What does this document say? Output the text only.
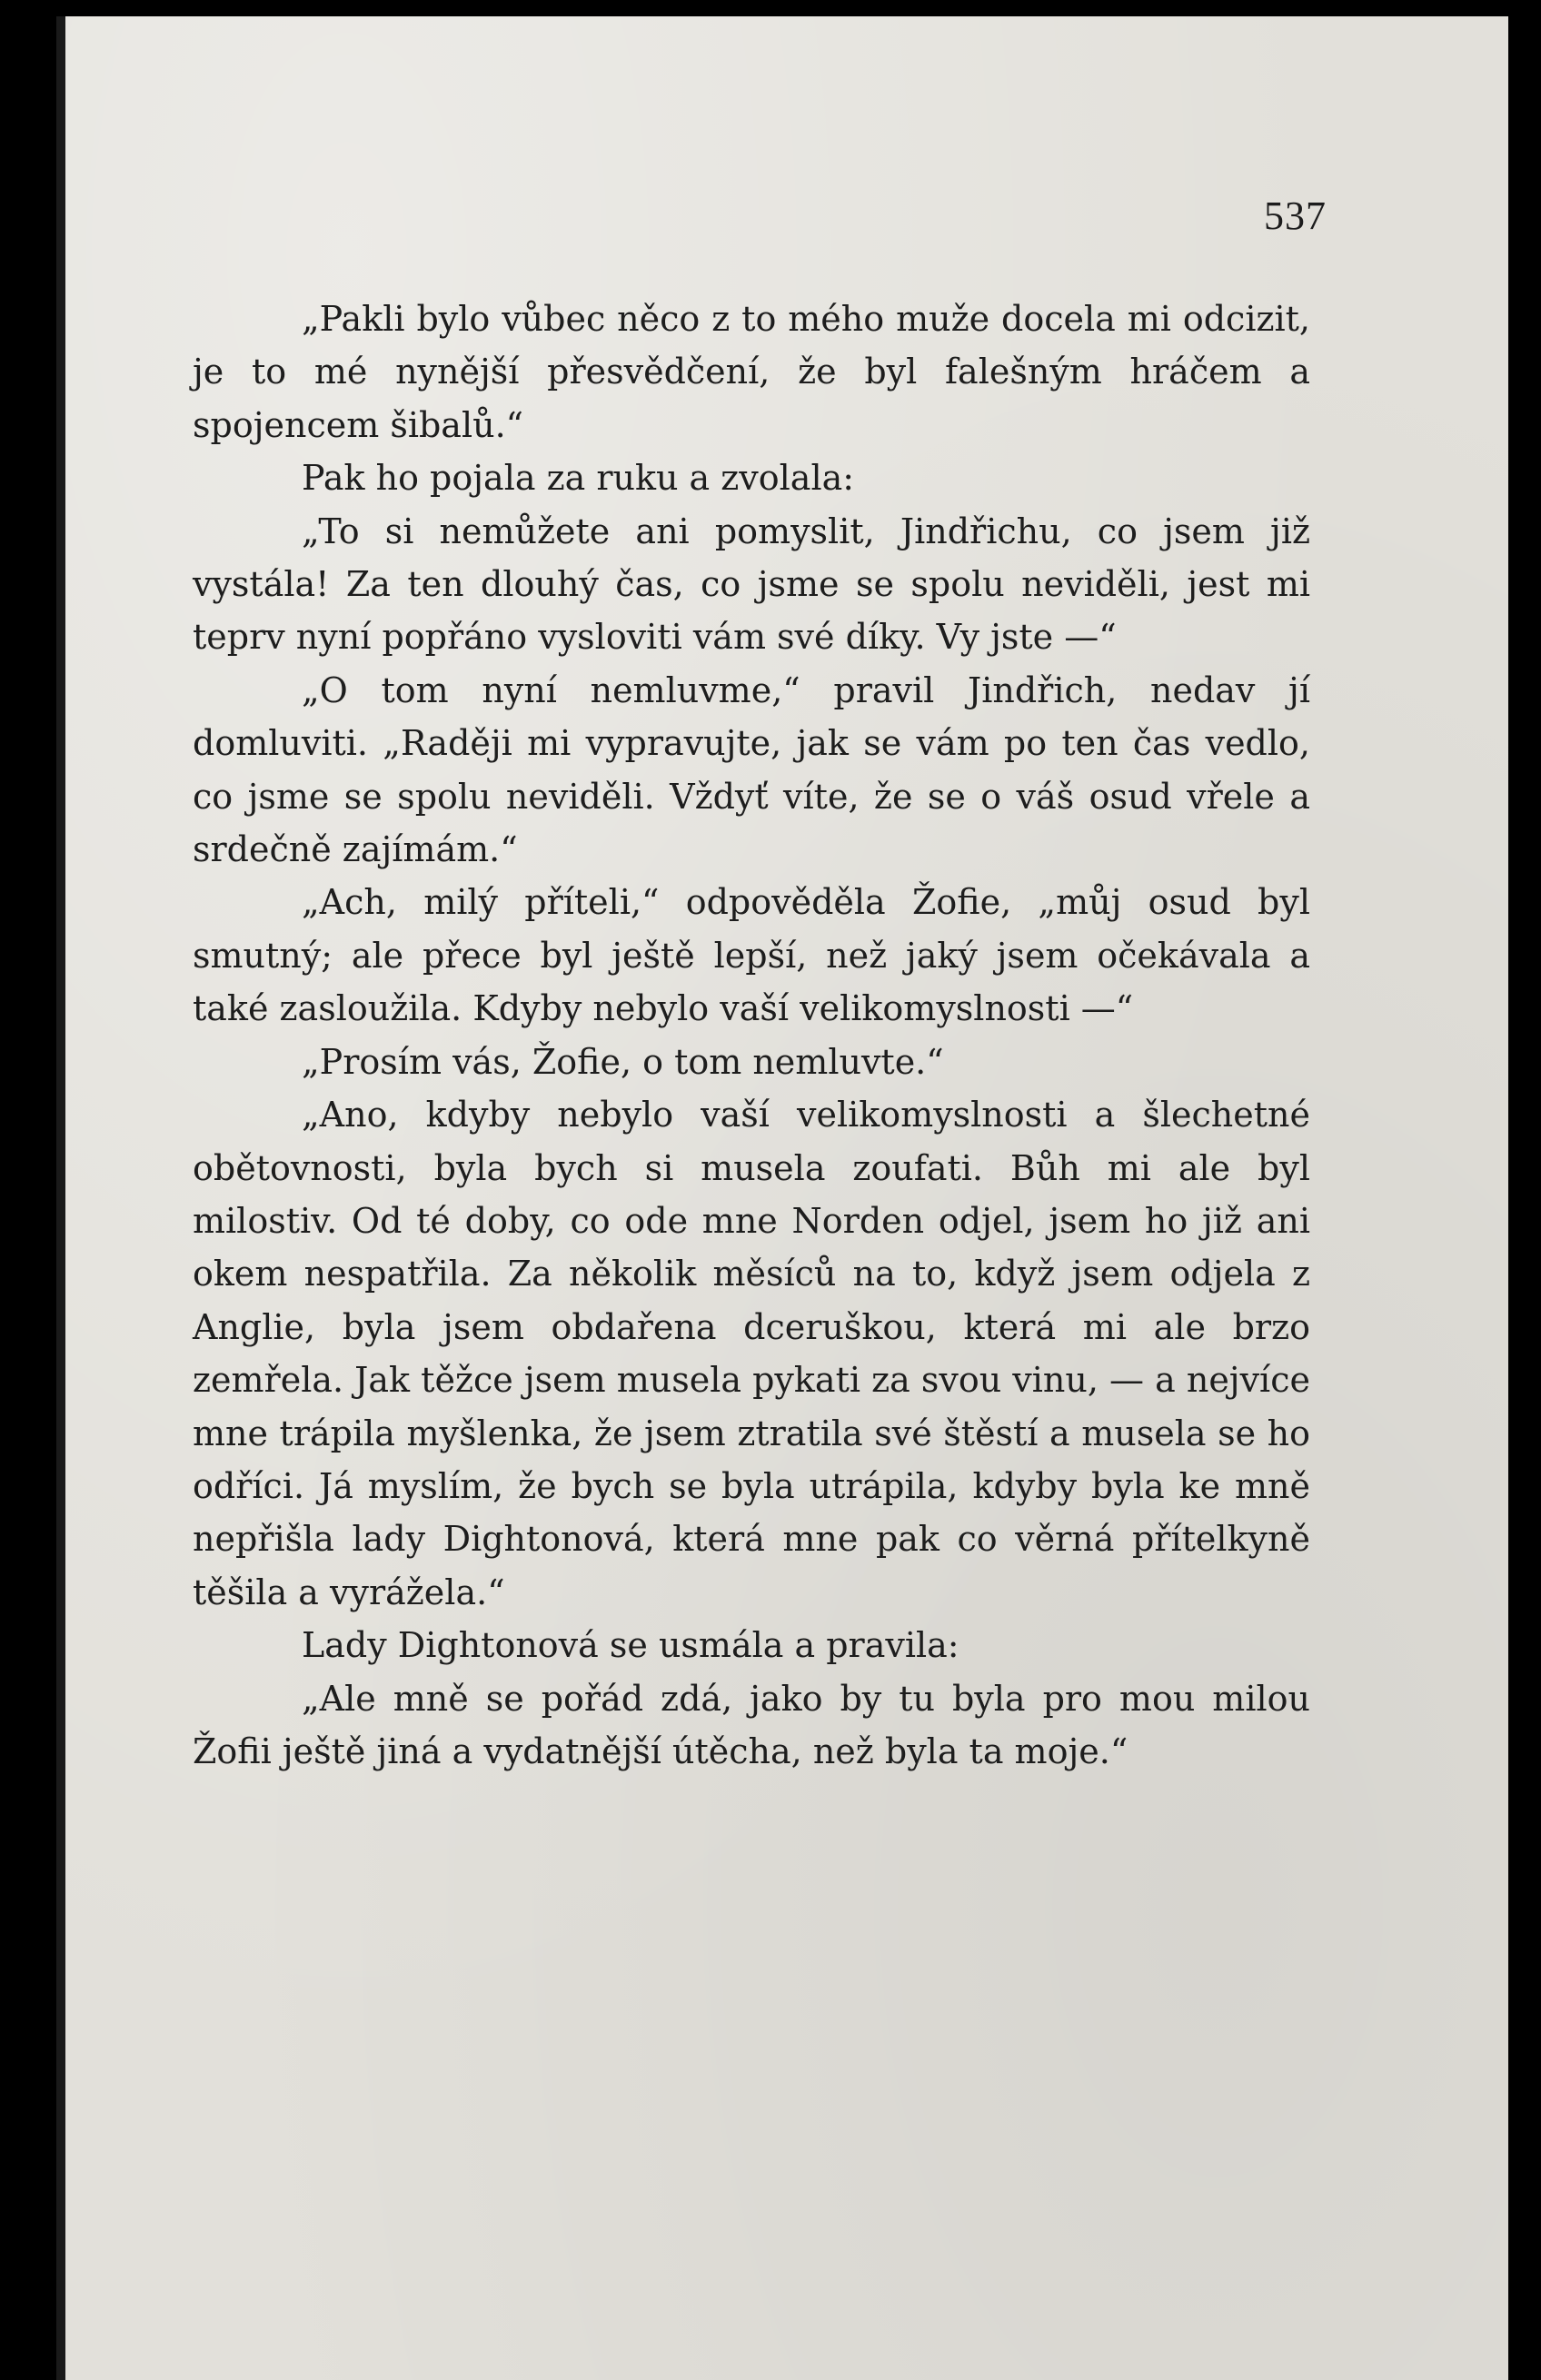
537

„Pakli bylo vůbec něco z to mého muže docela mi odcizit, je to mé nynější přesvědčení, že byl falešným hráčem a spojencem šibalů.“

Pak ho pojala za ruku a zvolala:

„To si nemůžete ani pomyslit, Jindřichu, co jsem již vystála! Za ten dlouhý čas, co jsme se spolu neviděli, jest mi teprv nyní popřáno vysloviti vám své díky. Vy jste —“

„O tom nyní nemluvme,“ pravil Jindřich, nedav jí domluviti. „Raději mi vypravujte, jak se vám po ten čas vedlo, co jsme se spolu neviděli. Vždyť víte, že se o váš osud vřele a srdečně zajímám.“

„Ach, milý příteli,“ odpověděla Žofie, „můj osud byl smutný; ale přece byl ještě lepší, než jaký jsem očekávala a také zasloužila. Kdyby nebylo vaší velikomyslnosti —“

„Prosím vás, Žofie, o tom nemluvte.“

„Ano, kdyby nebylo vaší velikomyslnosti a šlechetné obětovnosti, byla bych si musela zoufati. Bůh mi ale byl milostiv. Od té doby, co ode mne Norden odjel, jsem ho již ani okem nespatřila. Za několik měsíců na to, když jsem odjela z Anglie, byla jsem obdařena dceruškou, která mi ale brzo zemřela. Jak těžce jsem musela pykati za svou vinu, — a nejvíce mne trápila myšlenka, že jsem ztratila své štěstí a musela se ho odříci. Já myslím, že bych se byla utrápila, kdyby byla ke mně nepřišla lady Dightonová, která mne pak co věrná přítelkyně těšila a vyrážela.“

Lady Dightonová se usmála a pravila:

„Ale mně se pořád zdá, jako by tu byla pro mou milou Žofii ještě jiná a vydatnější útěcha, než byla ta moje.“
